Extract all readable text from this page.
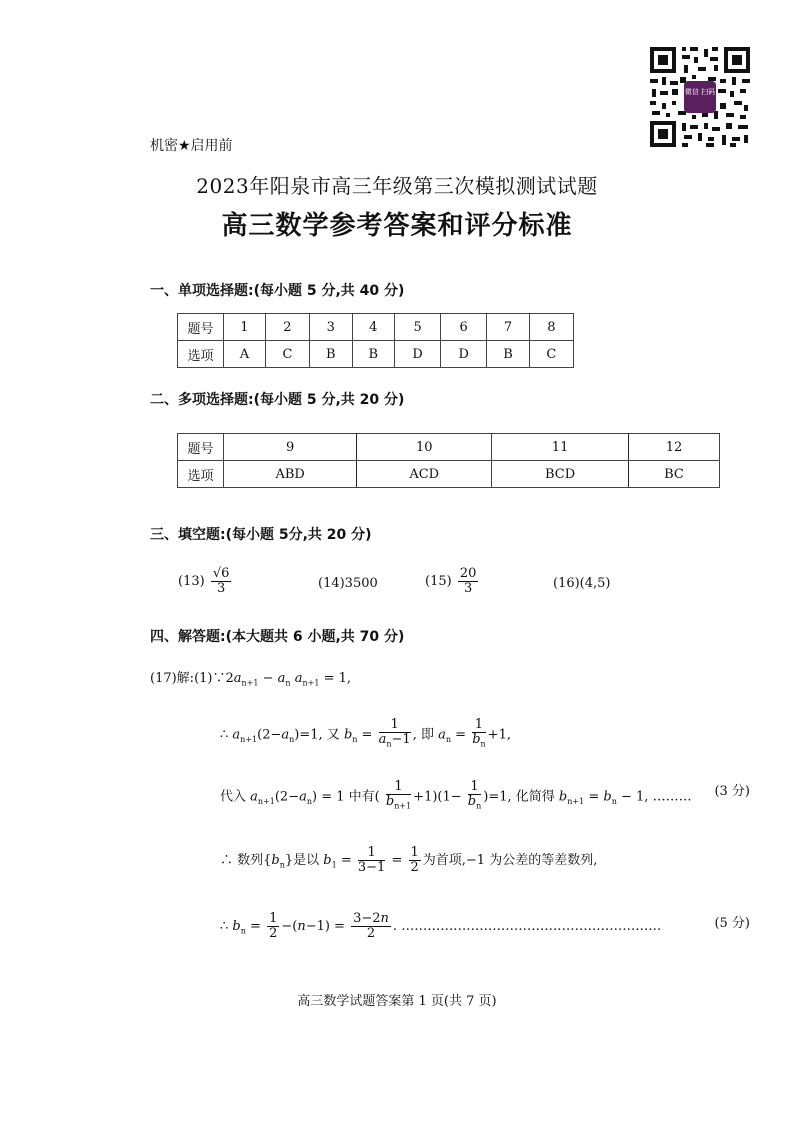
微信 扫码
机密★启用前
2023年阳泉市高三年级第三次模拟测试试题
高三数学参考答案和评分标准
一、单项选择题:(每小题 5 分,共 40 分)
题号	1	2	3	4	5	6	7	8
选项	A	C	B	B	D	D	B	C
二、多项选择题:(每小题 5 分,共 20 分)
题号	9	10	11	12
选项	ABD	ACD	BCD	BC
三、填空题:(每小题 5分,共 20 分)
$(13) \frac{√6}{3}$	(14)3500	$(15) \frac{20}{3}$	(16)(4,5)
四、解答题:(本大题共 6 小题,共 70 分)
(17)解$:(1)\because 2a_{n+1} - a_n$ $a_{n+1} = 1$,
∴ $a_{n+1}(2-a_n)=1$, 又 $b_n = \frac{1}{a_n-1}$ , 即 $a_n = \frac{1}{b_n} +1$,
代入 $a_{n+1}(2-a_n) = 1$ 中有( $\frac{1}{b_{n+1}} +1)(1- \frac{1}{b_n} )=1$, 化简得 $b_{n+1} = b_n - 1$, ……… (3 分)
∴ 数列$\{b_n\}$是以 $b_1 = \frac{1}{3-1} = \frac{1}{2}$ 为首项,−1 为公差的等差数列,
∴ $b_n = \frac{1}{2} -(n-1) = \frac{3-2n}{2}$ . ……………………………………………………	(5 分)
高三数学试题答案第 1 页(共 7 页)
